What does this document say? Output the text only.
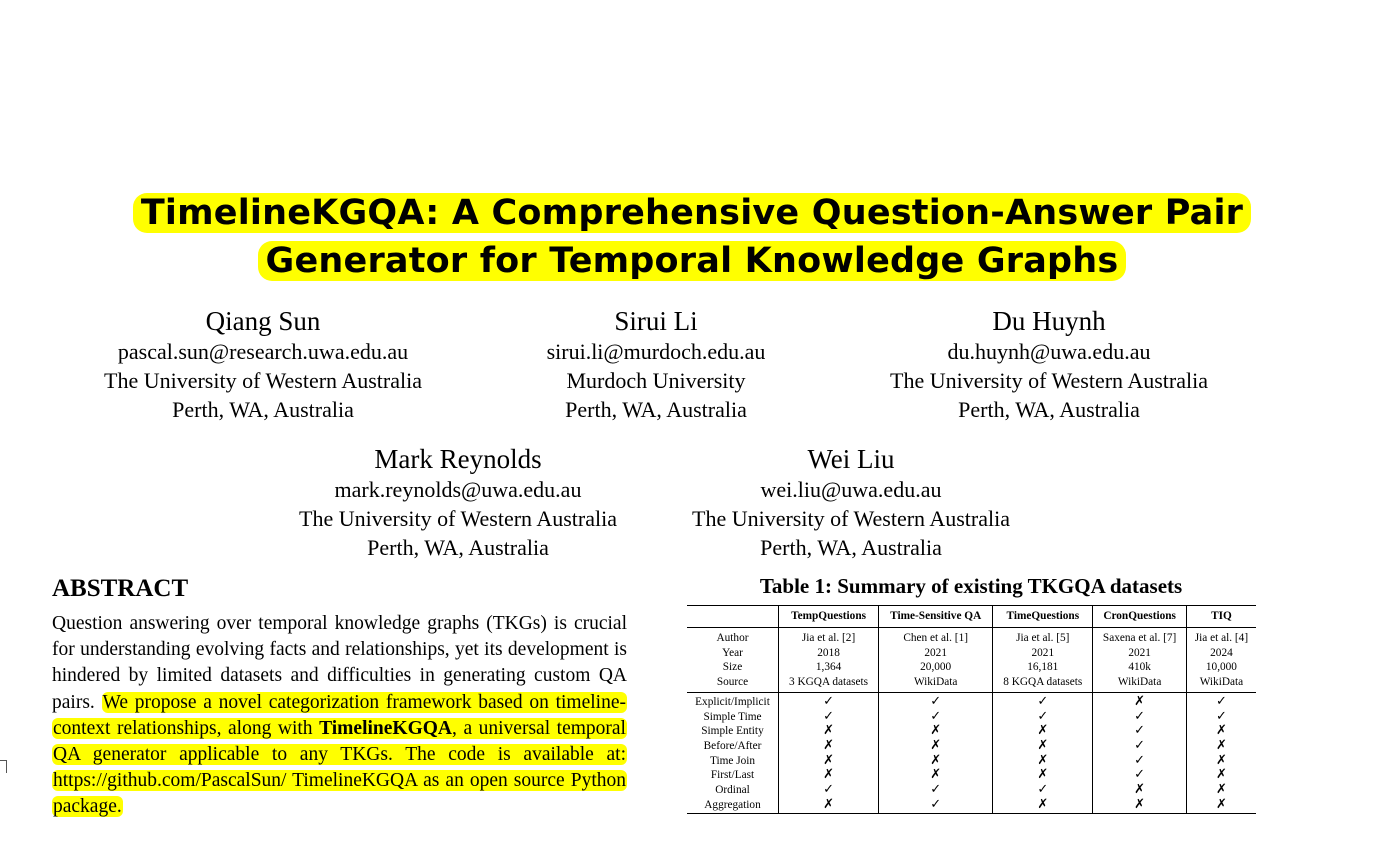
TimelineKGQA: A Comprehensive Question-Answer Pair
Generator for Temporal Knowledge Graphs
Qiang Sun
pascal.sun@research.uwa.edu.au
The University of Western Australia
Perth, WA, Australia
Sirui Li
sirui.li@murdoch.edu.au
Murdoch University
Perth, WA, Australia
Du Huynh
du.huynh@uwa.edu.au
The University of Western Australia
Perth, WA, Australia
Mark Reynolds
mark.reynolds@uwa.edu.au
The University of Western Australia
Perth, WA, Australia
Wei Liu
wei.liu@uwa.edu.au
The University of Western Australia
Perth, WA, Australia
ABSTRACT

Question answering over temporal knowledge graphs (TKGs) is crucial for understanding evolving facts and relationships, yet its development is hindered by limited datasets and difficulties in generating custom QA pairs. We propose a novel categorization framework based on timeline-context relationships, along with TimelineKGQA, a universal temporal QA generator applicable to any TKGs. The code is available at: https://github.com/PascalSun/ TimelineKGQA as an open source Python package.

Table 1: Summary of existing TKGQA datasets

	TempQuestions	Time-Sensitive QA	TimeQuestions	CronQuestions	TIQ
Author	Jia et al. [2]	Chen et al. [1]	Jia et al. [5]	Saxena et al. [7]	Jia et al. [4]
Year	2018	2021	2021	2021	2024
Size	1,364	20,000	16,181	410k	10,000
Source	3 KGQA datasets	WikiData	8 KGQA datasets	WikiData	WikiData
Explicit/Implicit	✓	✓	✓	✗	✓
Simple Time	✓	✓	✓	✓	✓
Simple Entity	✗	✗	✗	✓	✗
Before/After	✗	✗	✗	✓	✗
Time Join	✗	✗	✗	✓	✗
First/Last	✗	✗	✗	✓	✗
Ordinal	✓	✓	✓	✗	✗
Aggregation	✗	✓	✗	✗	✗
